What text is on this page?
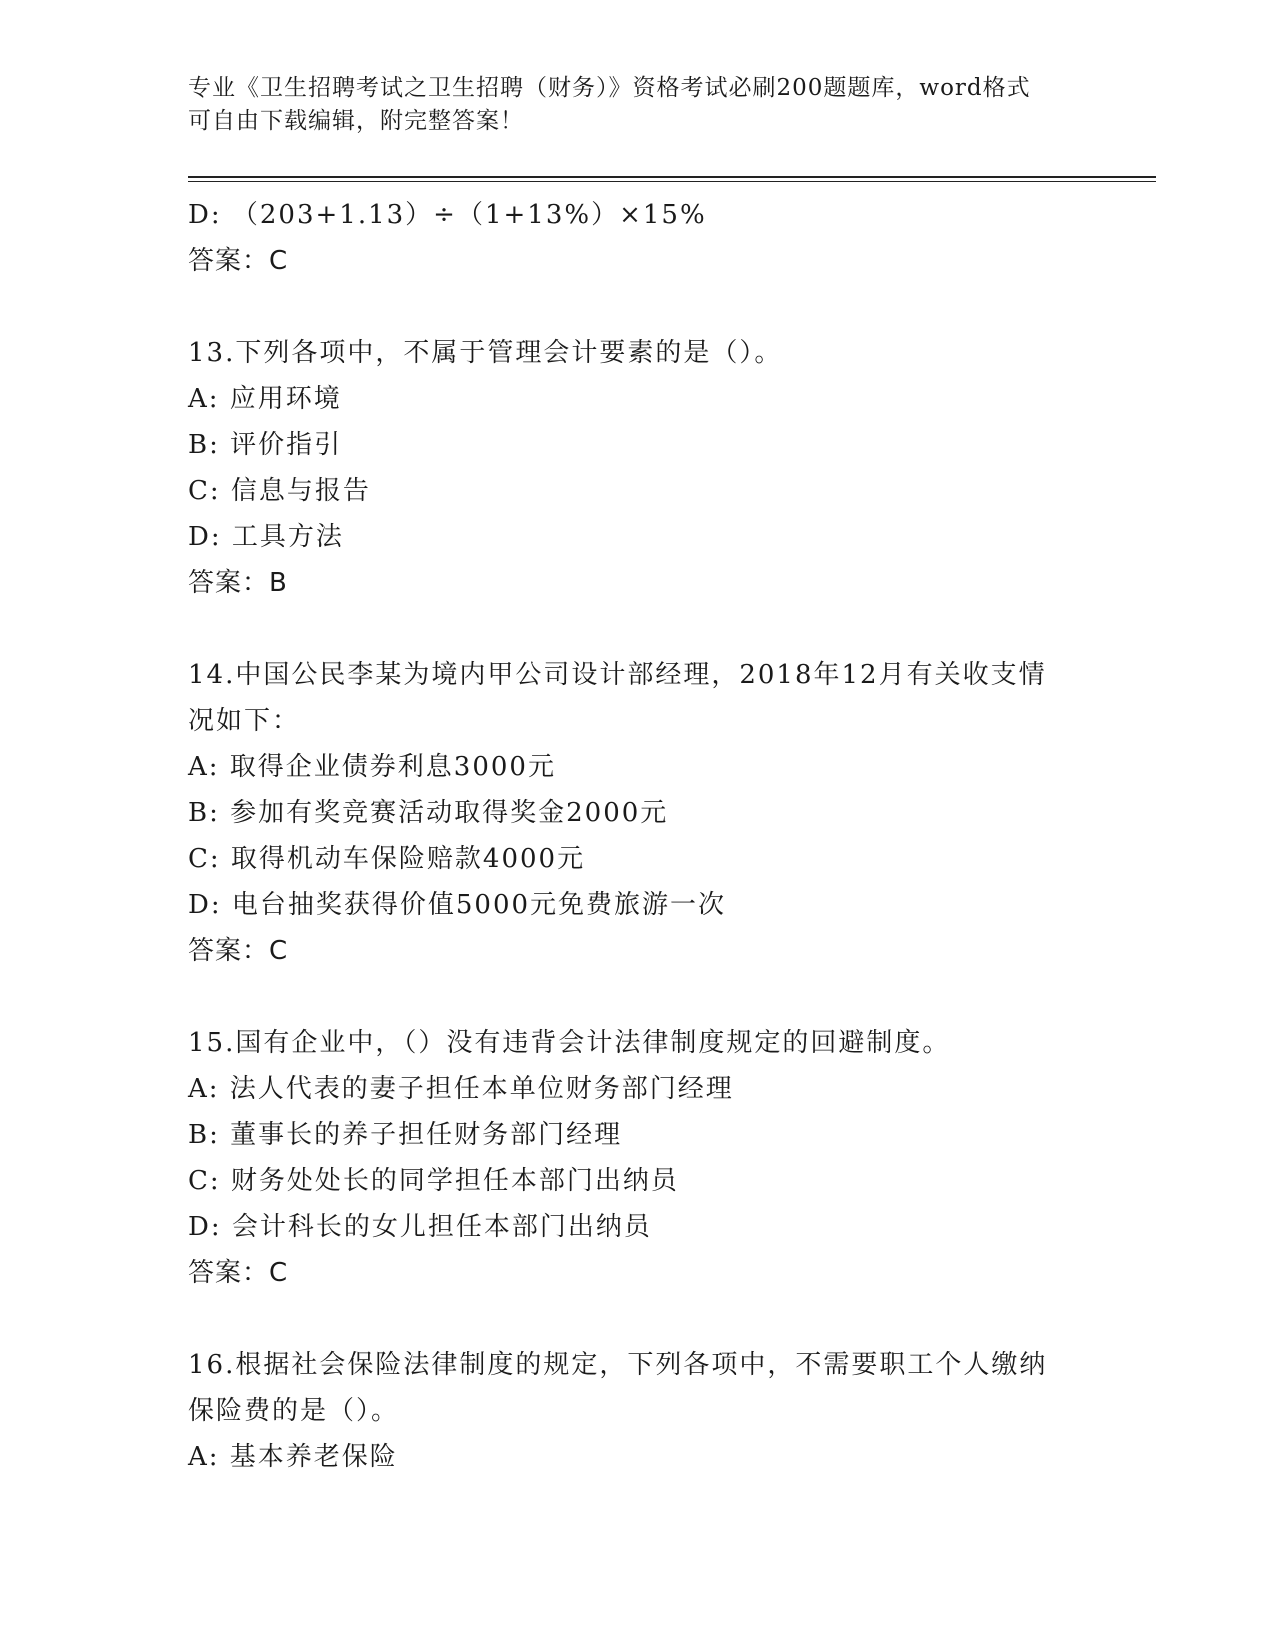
专业《卫生招聘考试之卫生招聘（财务）》资格考试必刷200题题库，word格式
可自由下载编辑，附完整答案！
D: （203+1.13）÷（1+13%）×15%
答案：C
13.下列各项中，不属于管理会计要素的是（）。
A: 应用环境
B: 评价指引
C: 信息与报告
D: 工具方法
答案：B
14.中国公民李某为境内甲公司设计部经理，2018年12月有关收支情
况如下：
A: 取得企业债券利息3000元
B: 参加有奖竞赛活动取得奖金2000元
C: 取得机动车保险赔款4000元
D: 电台抽奖获得价值5000元免费旅游一次
答案：C
15.国有企业中，（）没有违背会计法律制度规定的回避制度。
A: 法人代表的妻子担任本单位财务部门经理
B: 董事长的养子担任财务部门经理
C: 财务处处长的同学担任本部门出纳员
D: 会计科长的女儿担任本部门出纳员
答案：C
16.根据社会保险法律制度的规定，下列各项中，不需要职工个人缴纳
保险费的是（）。
A: 基本养老保险
